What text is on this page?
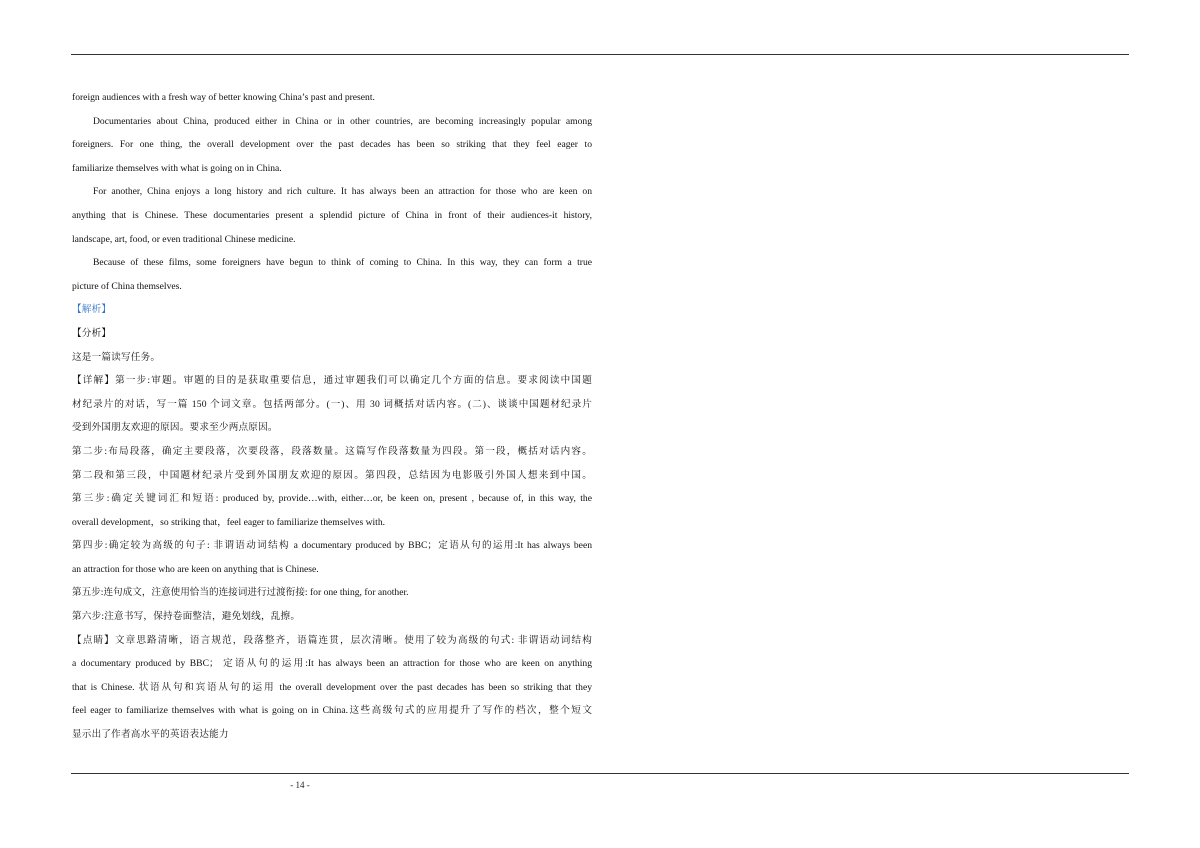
foreign audiences with a fresh way of better knowing China’s past and present.
Documentaries about China, produced either in China or in other countries, are becoming increasingly popular among
foreigners. For one thing, the overall development over the past decades has been so striking that they feel eager to
familiarize themselves with what is going on in China.
For another, China enjoys a long history and rich culture. It has always been an attraction for those who are keen on
anything that is Chinese. These documentaries present a splendid picture of China in front of their audiences-it history,
landscape, art, food, or even traditional Chinese medicine.
Because of these films, some foreigners have begun to think of coming to China. In this way, they can form a true
picture of China themselves.
【解析】
【分析】
这是一篇读写任务。
【详解】第一步:审题。审题的目的是获取重要信息，通过审题我们可以确定几个方面的信息。要求阅读中国题
材纪录片的对话，写一篇 150 个词文章。包括两部分。(一)、用 30 词概括对话内容。(二)、谈谈中国题材纪录片
受到外国朋友欢迎的原因。要求至少两点原因。
第二步:布局段落，确定主要段落，次要段落，段落数量。这篇写作段落数量为四段。第一段，概括对话内容。
第二段和第三段，中国题材纪录片受到外国朋友欢迎的原因。第四段，总结因为电影吸引外国人想来到中国。
第三步:确定关键词汇和短语: produced by, provide…with, either…or, be keen on, present , because of, in this way, the
overall development，so striking that，feel eager to familiarize themselves with.
第四步:确定较为高级的句子: 非谓语动词结构 a documentary produced by BBC；定语从句的运用:It has always been
an attraction for those who are keen on anything that is Chinese.
第五步:连句成文，注意使用恰当的连接词进行过渡衔接: for one thing, for another.
第六步:注意书写，保持卷面整洁，避免划线，乱擦。
【点睛】文章思路清晰，语言规范，段落整齐，语篇连贯，层次清晰。使用了较为高级的句式: 非谓语动词结构
a documentary produced by BBC； 定语从句的运用:It has always been an attraction for those who are keen on anything
that is Chinese. 状语从句和宾语从句的运用 the overall development over the past decades has been so striking that they
feel eager to familiarize themselves with what is going on in China.这些高级句式的应用提升了写作的档次，整个短文
显示出了作者高水平的英语表达能力
- 14 -
